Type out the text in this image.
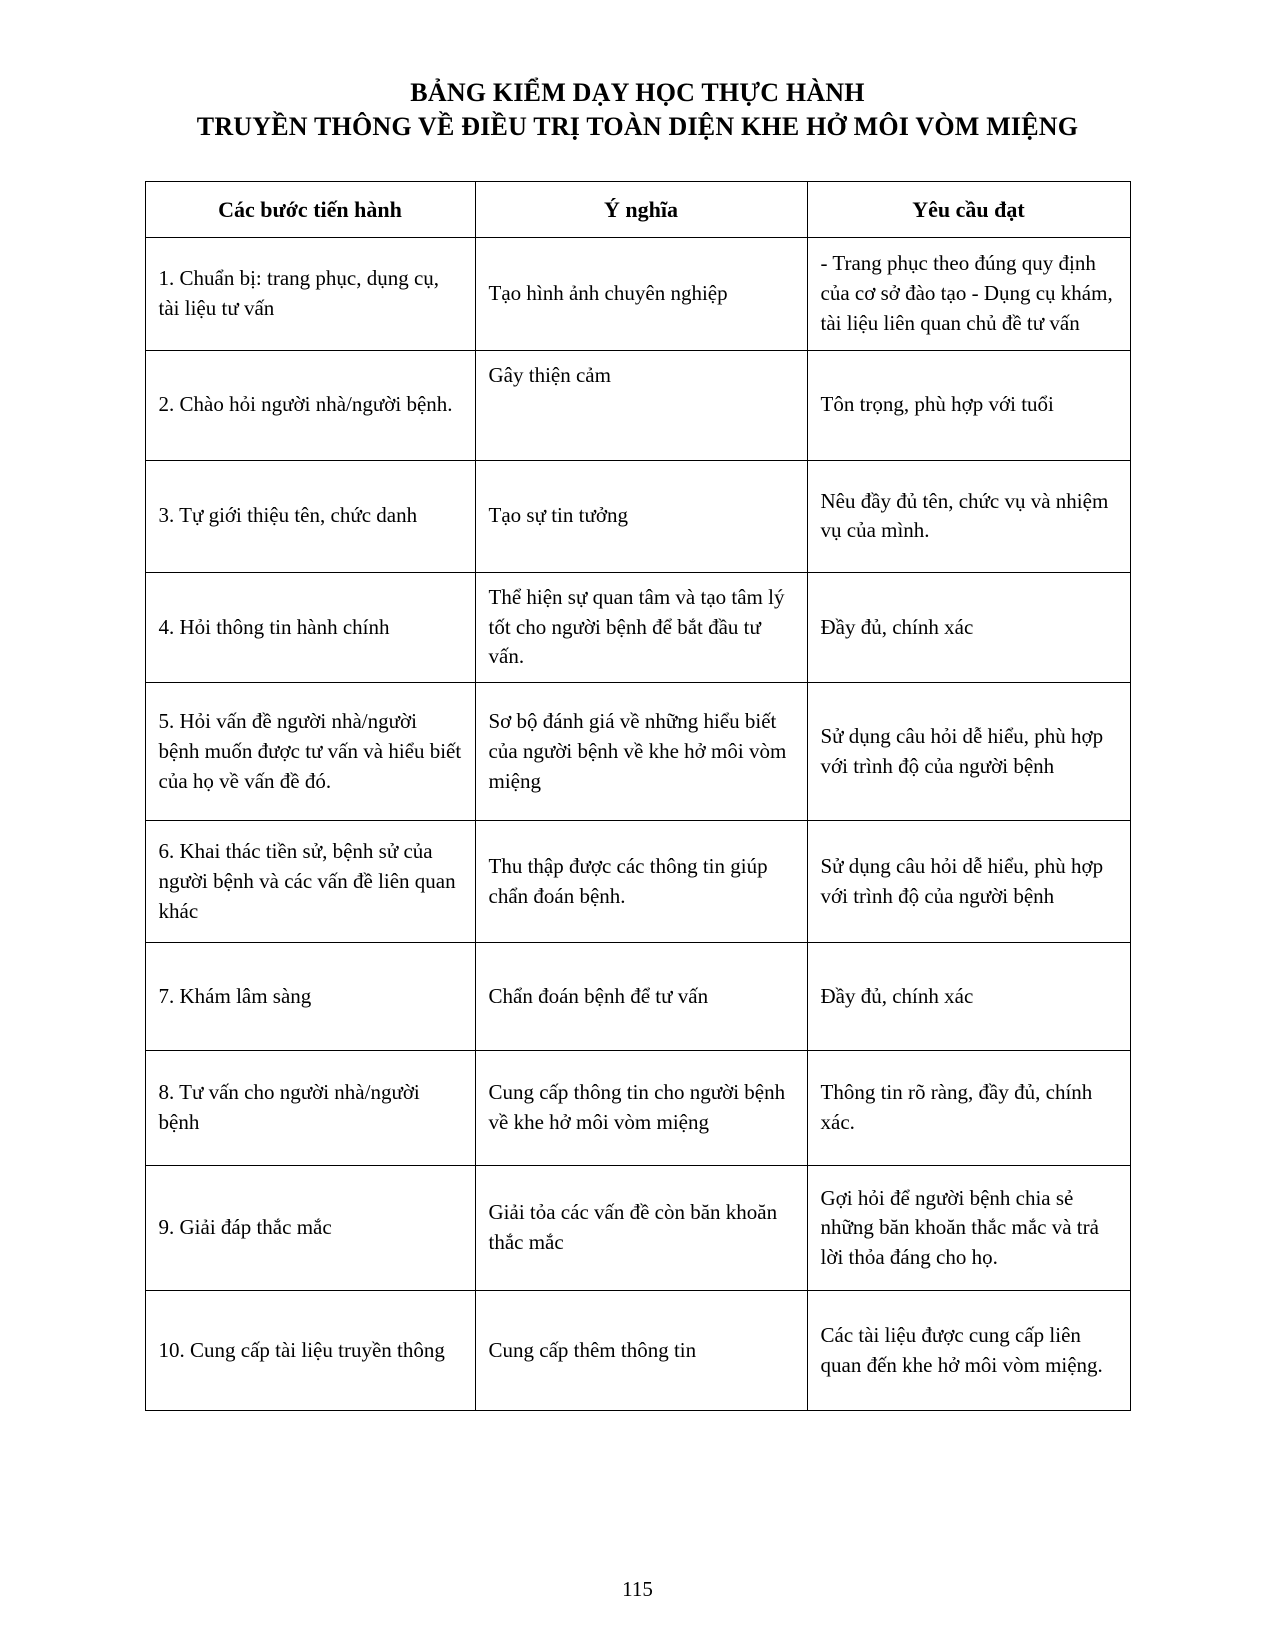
BẢNG KIỂM DẠY HỌC THỰC HÀNH
TRUYỀN THÔNG VỀ ĐIỀU TRỊ TOÀN DIỆN KHE HỞ MÔI VÒM MIỆNG
Các bước tiến hành	Ý nghĩa	Yêu cầu đạt
1. Chuẩn bị: trang phục, dụng cụ, tài liệu tư vấn	Tạo hình ảnh chuyên nghiệp	- Trang phục theo đúng quy định của cơ sở đào tạo - Dụng cụ khám, tài liệu liên quan chủ đề tư vấn
2. Chào hỏi người nhà/người bệnh.	Gây thiện cảm	Tôn trọng, phù hợp với tuổi
3. Tự giới thiệu tên, chức danh	Tạo sự tin tưởng	Nêu đầy đủ tên, chức vụ và nhiệm vụ của mình.
4. Hỏi thông tin hành chính	Thể hiện sự quan tâm và tạo tâm lý tốt cho người bệnh để bắt đầu tư vấn.	Đầy đủ, chính xác
5. Hỏi vấn đề người nhà/người bệnh muốn được tư vấn và hiểu biết của họ về vấn đề đó.	Sơ bộ đánh giá về những hiểu biết của người bệnh về khe hở môi vòm miệng	Sử dụng câu hỏi dễ hiểu, phù hợp với trình độ của người bệnh
6. Khai thác tiền sử, bệnh sử của người bệnh và các vấn đề liên quan khác	Thu thập được các thông tin giúp chẩn đoán bệnh.	Sử dụng câu hỏi dễ hiểu, phù hợp với trình độ của người bệnh
7. Khám lâm sàng	Chẩn đoán bệnh để tư vấn	Đầy đủ, chính xác
8. Tư vấn cho người nhà/người bệnh	Cung cấp thông tin cho người bệnh về khe hở môi vòm miệng	Thông tin rõ ràng, đầy đủ, chính xác.
9. Giải đáp thắc mắc	Giải tỏa các vấn đề còn băn khoăn thắc mắc	Gợi hỏi để người bệnh chia sẻ những băn khoăn thắc mắc và trả lời thỏa đáng cho họ.
10. Cung cấp tài liệu truyền thông	Cung cấp thêm thông tin	Các tài liệu được cung cấp liên quan đến khe hở môi vòm miệng.
115
